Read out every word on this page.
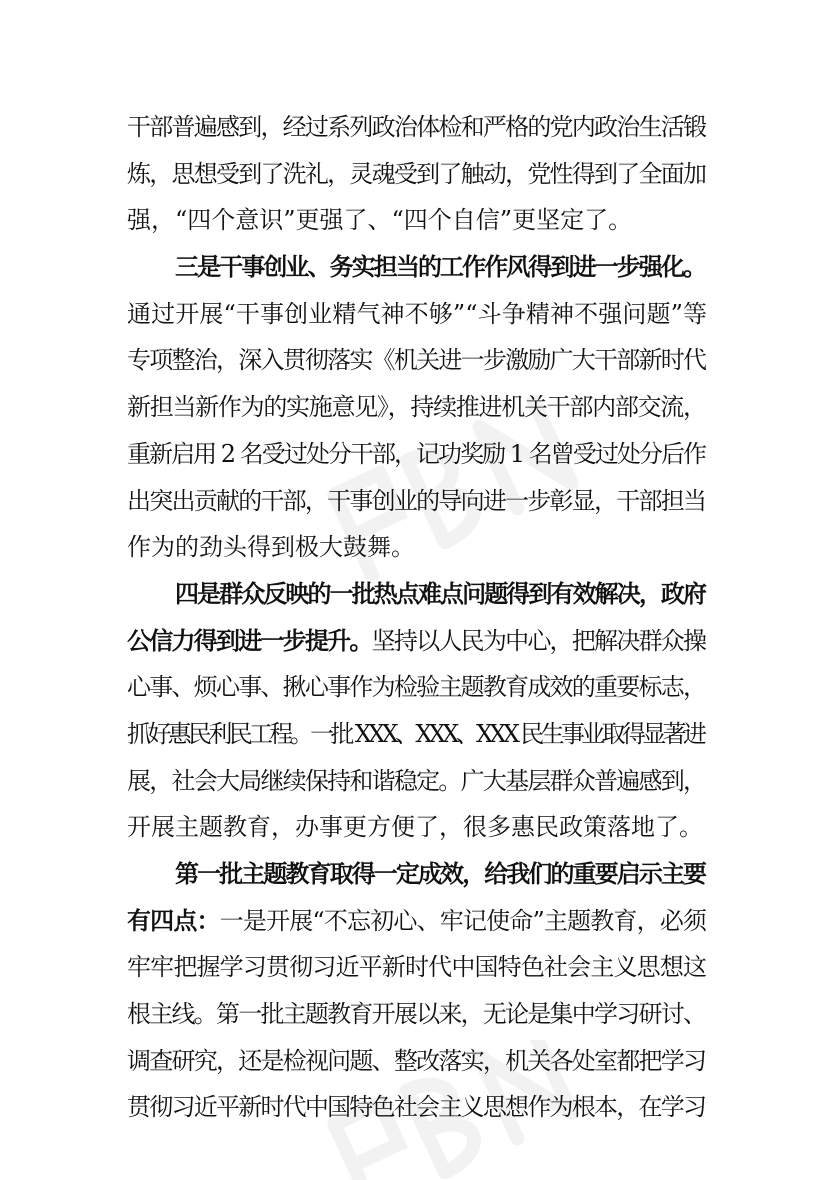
干部普遍感到，经过系列政治体检和严格的党内政治生活锻
炼，思想受到了洗礼，灵魂受到了触动，党性得到了全面加
强，“四个意识”更强了、“四个自信”更坚定了。
三是干事创业、务实担当的工作作风得到进一步强化。
通过开展“干事创业精气神不够”“斗争精神不强问题”等
专项整治，深入贯彻落实《机关进一步激励广大干部新时代
新担当新作为的实施意见》，持续推进机关干部内部交流，
重新启用 2 名受过处分干部，记功奖励 1 名曾受过处分后作
出突出贡献的干部，干事创业的导向进一步彰显，干部担当
作为的劲头得到极大鼓舞。
四是群众反映的一批热点难点问题得到有效解决，政府
公信力得到进一步提升。坚持以人民为中心，把解决群众操
心事、烦心事、揪心事作为检验主题教育成效的重要标志，
抓好惠民利民工程。一批 XXX、XXX、XXX 民生事业取得显著进
展，社会大局继续保持和谐稳定。广大基层群众普遍感到，
开展主题教育，办事更方便了，很多惠民政策落地了。
第一批主题教育取得一定成效，给我们的重要启示主要
有四点：一是开展“不忘初心、牢记使命”主题教育，必须
牢牢把握学习贯彻习近平新时代中国特色社会主义思想这
根主线。第一批主题教育开展以来，无论是集中学习研讨、
调查研究，还是检视问题、整改落实，机关各处室都把学习
贯彻习近平新时代中国特色社会主义思想作为根本，在学习
